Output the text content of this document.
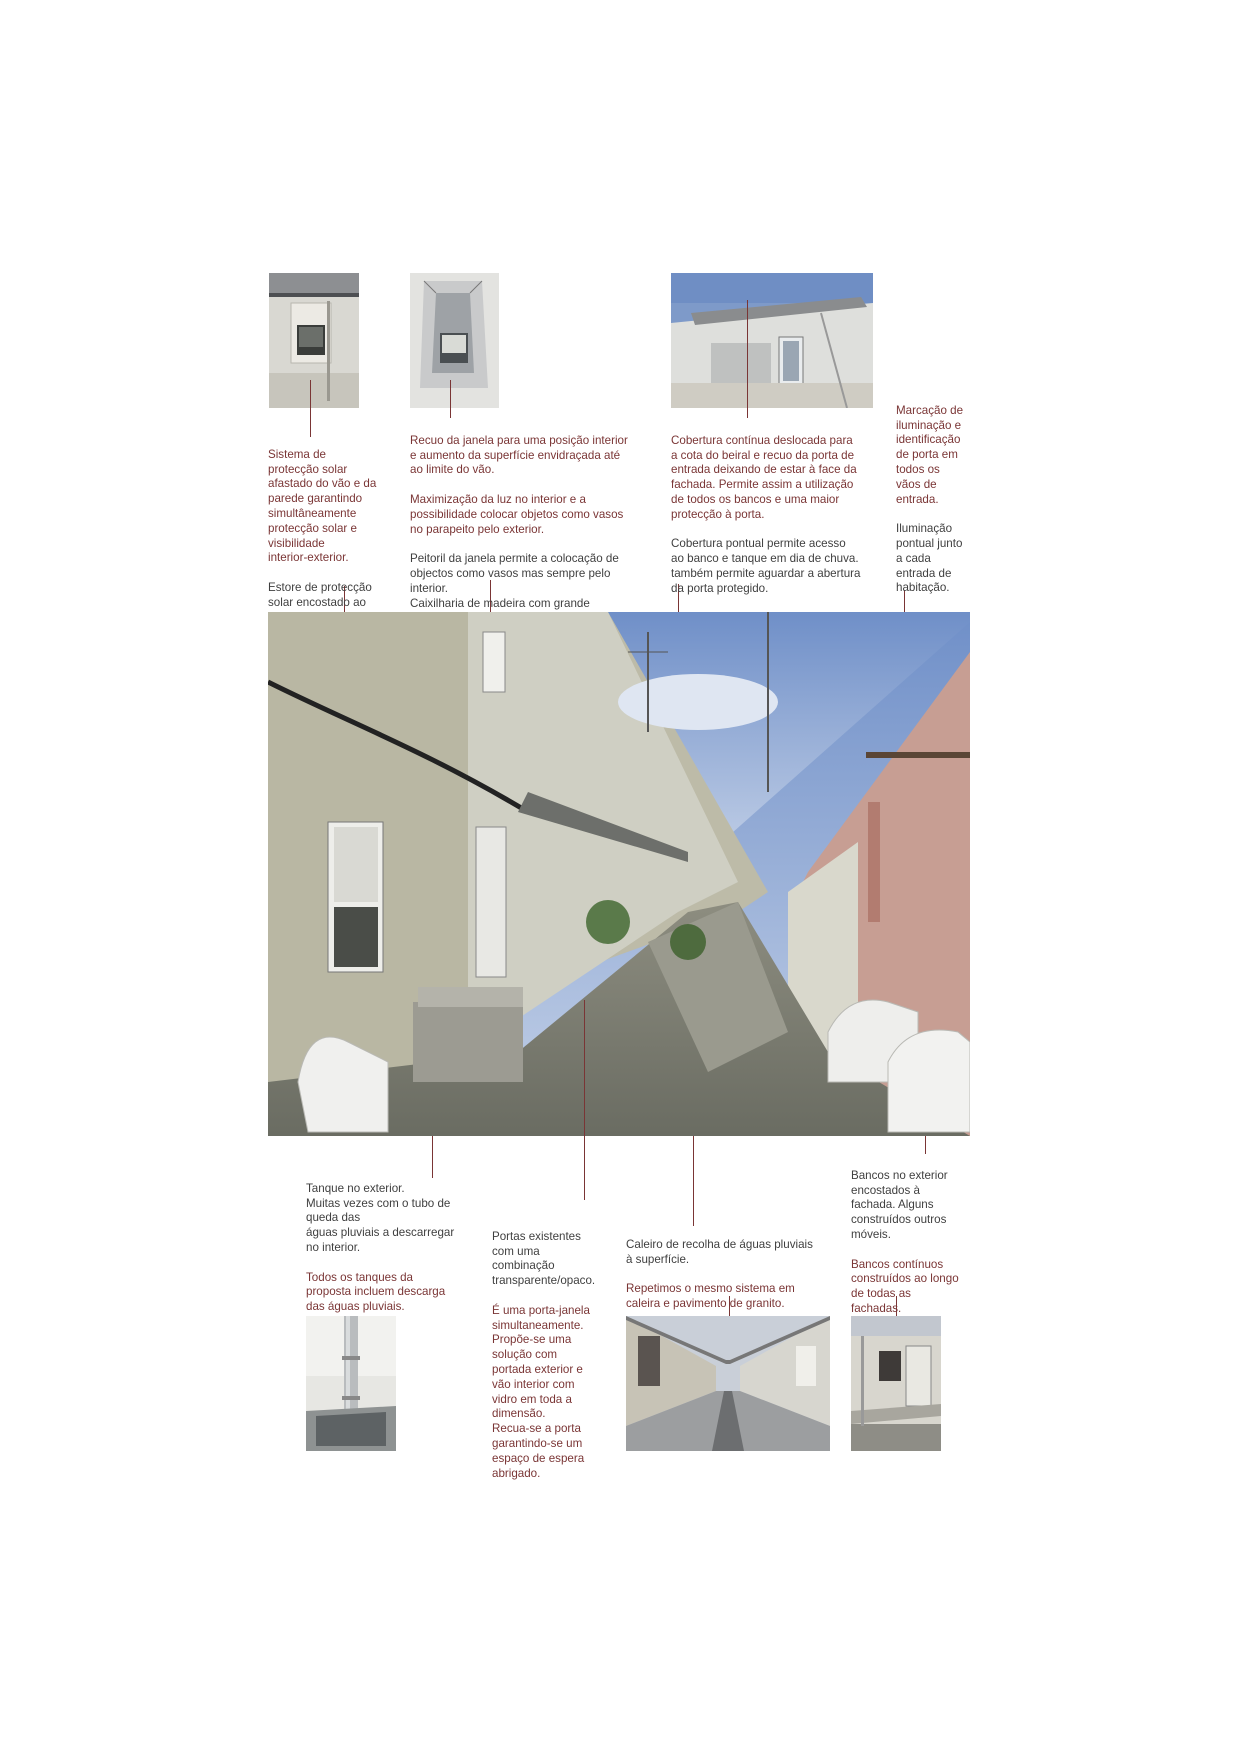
Sistema de
protecção solar
afastado do vão e da
parede garantindo
simultâneamente
protecção solar e
visibilidade
interior-exterior.

Estore de protecção
solar encostado ao

Recuo da janela para uma posição interior
e aumento da superfície envidraçada até
ao limite do vão.

Maximização da luz no interior e a
possibilidade colocar objetos como vasos
no parapeito pelo exterior.

Peitoril da janela permite a colocação de
objectos como vasos mas sempre pelo
interior.
Caixilharia de madeira com grande

Cobertura contínua deslocada para
a cota do beiral e recuo da porta de
entrada deixando de estar à face da
fachada. Permite assim a utilização
de todos os bancos e uma maior
protecção à porta.

Cobertura pontual permite acesso
ao banco e tanque em dia de chuva.
também permite aguardar a abertura
da porta protegido.

Marcação de
iluminação e
identificação
de porta em
todos os
vãos de
entrada.

Iluminação
pontual junto
a cada
entrada de
habitação.

Tanque no exterior.
Muitas vezes com o tubo de
queda das
águas pluviais a descarregar
no interior.

Todos os tanques da
proposta incluem descarga
das águas pluviais.

Portas existentes
com uma
combinação
transparente/opaco.

É uma porta-janela
simultaneamente.
Propõe-se uma
solução com
portada exterior e
vão interior com
vidro em toda a
dimensão.
Recua-se a porta
garantindo-se um
espaço de espera
abrigado.

Caleiro de recolha de águas pluviais
à superfície.

Repetimos o mesmo sistema em
caleira e pavimento de granito.

Bancos no exterior
encostados à
fachada. Alguns
construídos outros
móveis.

Bancos contínuos
construídos ao longo
de todas as
fachadas.
